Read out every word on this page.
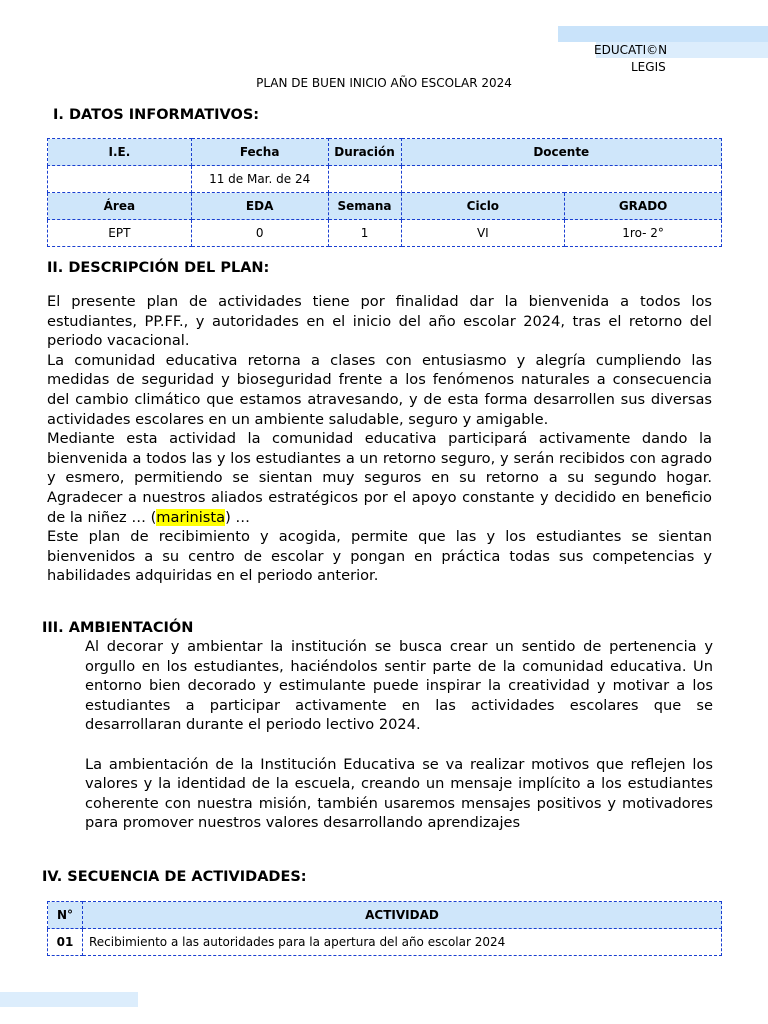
EDUCATI©N
LEGIS
PLAN DE BUEN INICIO AÑO ESCOLAR 2024
I. DATOS INFORMATIVOS:
I.E.	Fecha	Duración	Docente	
	11 de Mar. de 24			
Área	EDA	Semana	Ciclo	GRADO
EPT	0	1	VI	1ro- 2°
II. DESCRIPCIÓN DEL PLAN:
El presente plan de actividades tiene por finalidad dar la bienvenida a todos los estudiantes, PP.FF., y autoridades en el inicio del año escolar 2024, tras el retorno del periodo vacacional.
La comunidad educativa retorna a clases con entusiasmo y alegría cumpliendo las medidas de seguridad y bioseguridad frente a los fenómenos naturales a consecuencia del cambio climático que estamos atravesando, y de esta forma desarrollen sus diversas actividades escolares en un ambiente saludable, seguro y amigable.
Mediante esta actividad la comunidad educativa participará activamente dando la bienvenida a todos las y los estudiantes a un retorno seguro, y serán recibidos con agrado y esmero, permitiendo se sientan muy seguros en su retorno a su segundo hogar. Agradecer a nuestros aliados estratégicos por el apoyo constante y decidido en beneficio de la niñez … (marinista) …
Este plan de recibimiento y acogida, permite que las y los estudiantes se sientan bienvenidos a su centro de escolar y pongan en práctica todas sus competencias y habilidades adquiridas en el periodo anterior.
III. AMBIENTACIÓN
Al decorar y ambientar la institución se busca crear un sentido de pertenencia y orgullo en los estudiantes, haciéndolos sentir parte de la comunidad educativa. Un entorno bien decorado y estimulante puede inspirar la creatividad y motivar a los estudiantes a participar activamente en las actividades escolares que se desarrollaran durante el periodo lectivo 2024.
La ambientación de la Institución Educativa se va realizar motivos que reflejen los valores y la identidad de la escuela, creando un mensaje implícito a los estudiantes coherente con nuestra misión, también usaremos mensajes positivos y motivadores para promover nuestros valores desarrollando aprendizajes
IV. SECUENCIA DE ACTIVIDADES:
N°	ACTIVIDAD
01	Recibimiento a las autoridades para la apertura del año escolar 2024
